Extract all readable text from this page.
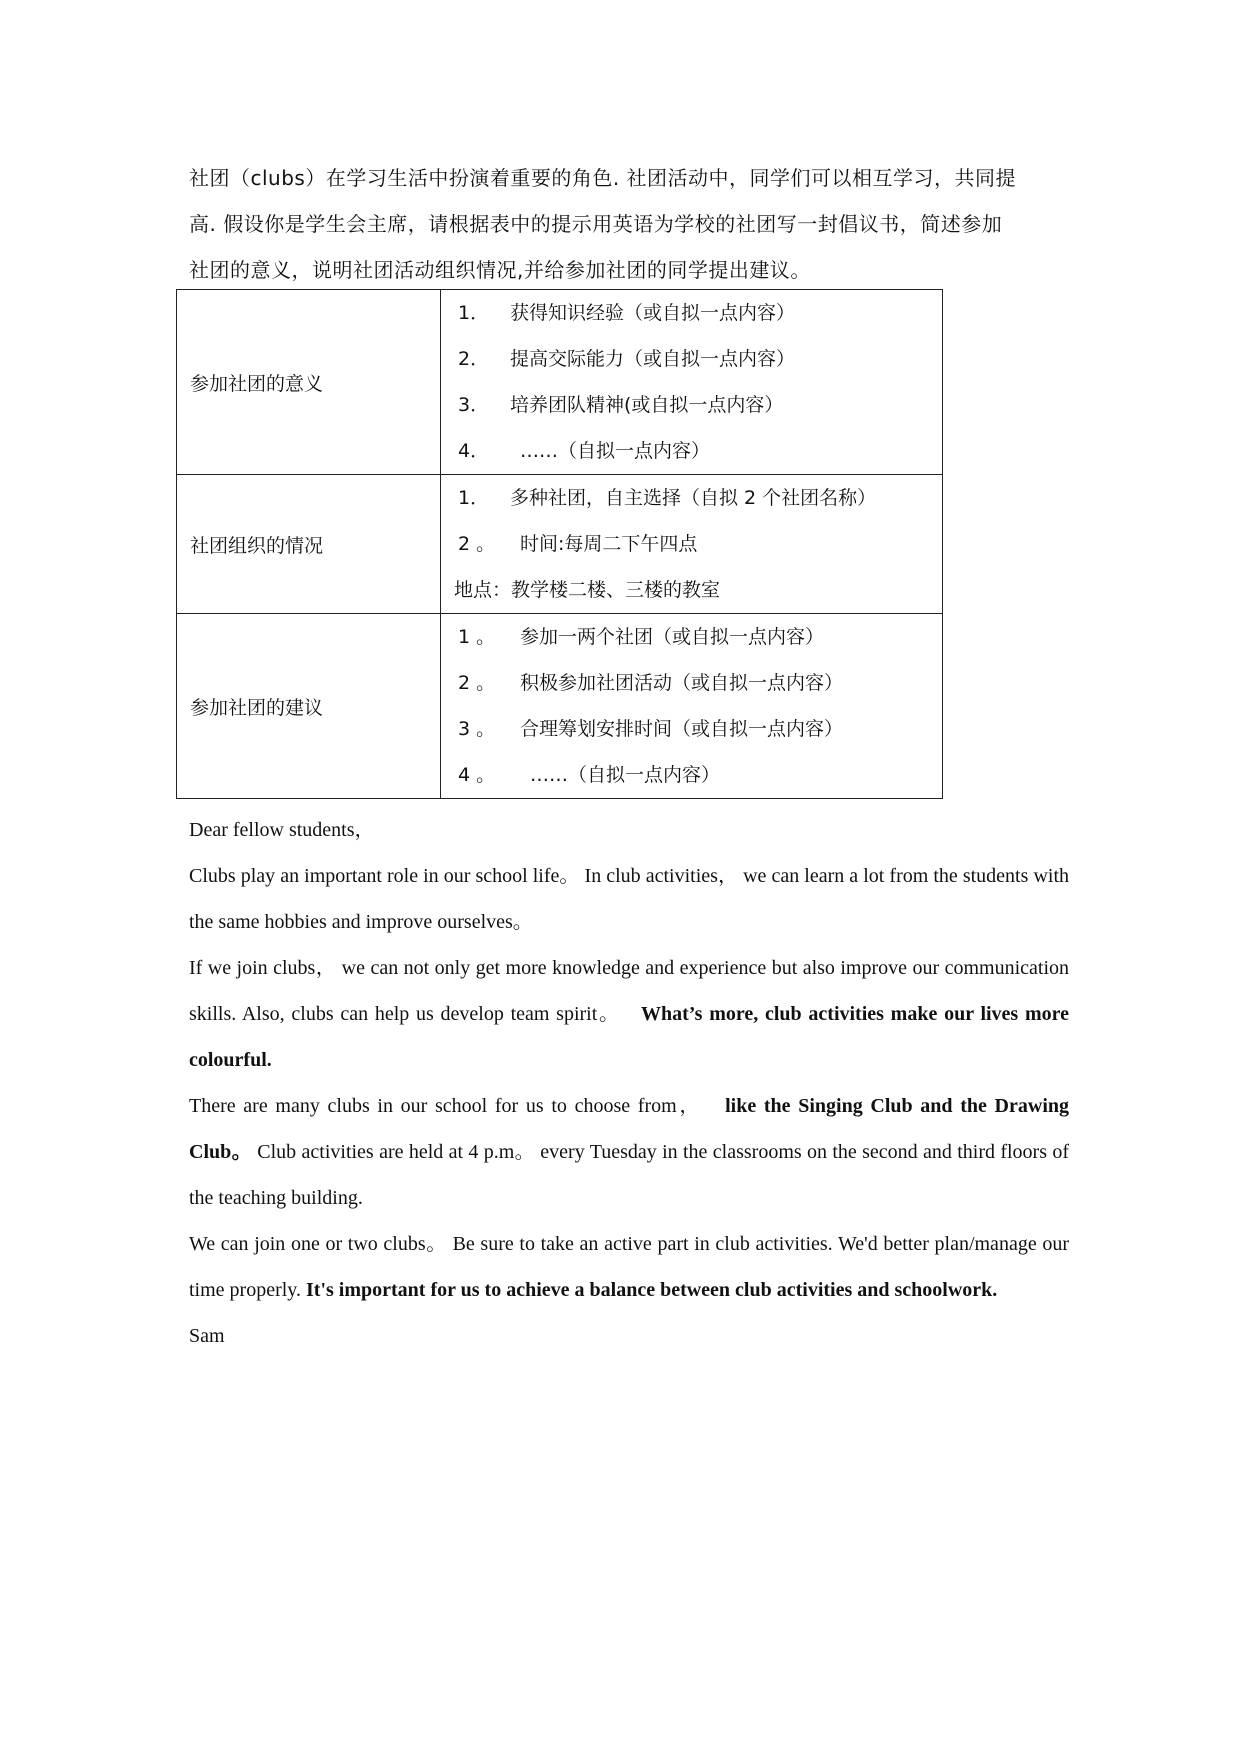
社团（clubs）在学习生活中扮演着重要的角色. 社团活动中，同学们可以相互学习，共同提
高. 假设你是学生会主席，请根据表中的提示用英语为学校的社团写一封倡议书，简述参加
社团的意义，说明社团活动组织情况,并给参加社团的同学提出建议。
参加社团的意义	1． 获得知识经验（或自拟一点内容）
2． 提高交际能力（或自拟一点内容）
3． 培养团队精神(或自拟一点内容）
4． ……（自拟一点内容）

社团组织的情况	1． 多种社团，自主选择（自拟 2 个社团名称）
2 。 时间:每周二下午四点
地点：教学楼二楼、三楼的教室

参加社团的建议	1 。 参加一两个社团（或自拟一点内容）
2 。 积极参加社团活动（或自拟一点内容）
3 。 合理筹划安排时间（或自拟一点内容）
4 。 ……（自拟一点内容）

Dear fellow students，

Clubs play an important role in our school life。 In club activities， we can learn a lot from the students with the same hobbies and improve ourselves。

If we join clubs， we can not only get more knowledge and experience but also improve our communication skills. Also, clubs can help us develop team spirit。 What’s more, club activities make our lives more colourful.

There are many clubs in our school for us to choose from， like the Singing Club and the Drawing Club。 Club activities are held at 4 p.m。 every Tuesday in the classrooms on the second and third floors of the teaching building.

We can join one or two clubs。 Be sure to take an active part in club activities. We'd better plan/manage our time properly. It's important for us to achieve a balance between club activities and schoolwork.

Sam
